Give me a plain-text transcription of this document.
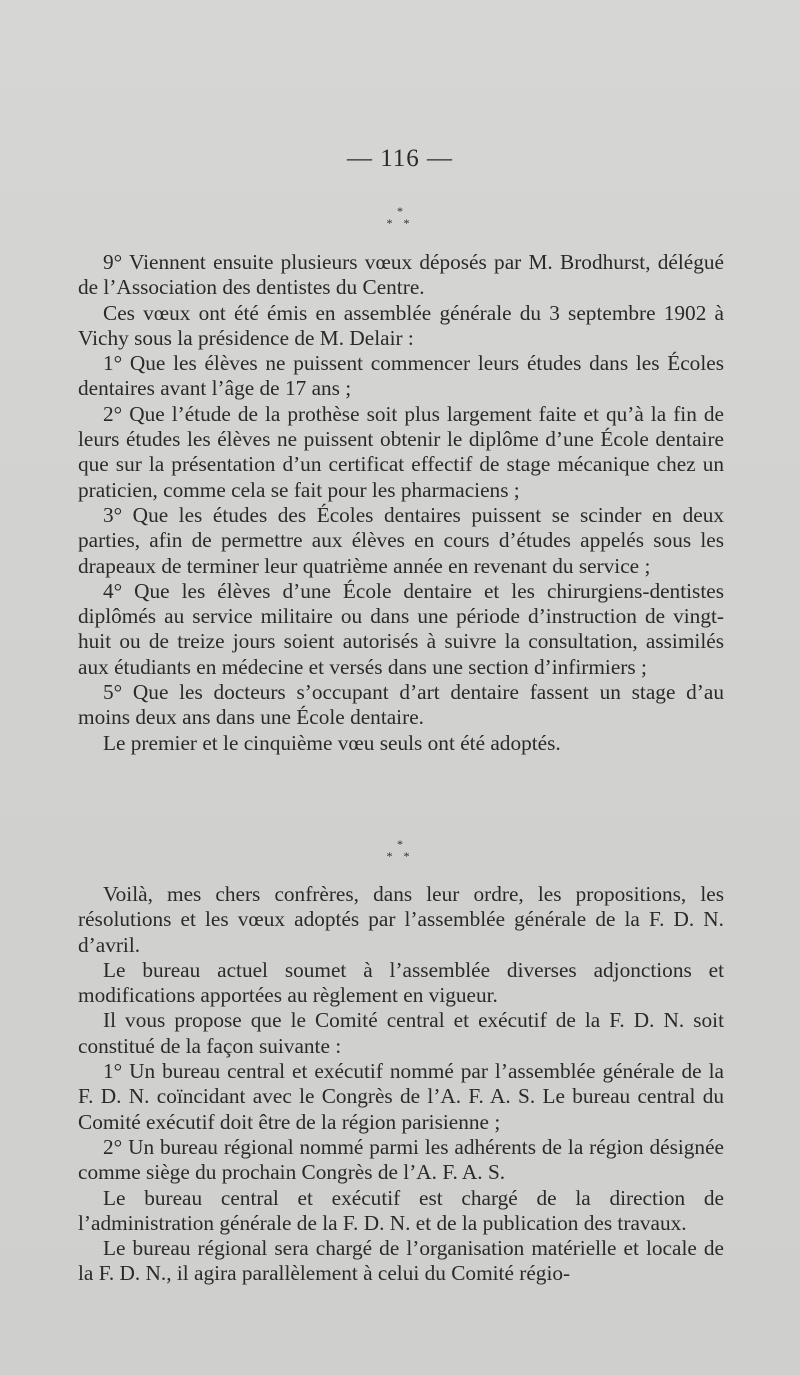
— 116 —
*
* *

9° Viennent ensuite plusieurs vœux déposés par M. Brodhurst, délégué de l’Association des dentistes du Centre.

Ces vœux ont été émis en assemblée générale du 3 septembre 1902 à Vichy sous la présidence de M. Delair :

1° Que les élèves ne puissent commencer leurs études dans les Écoles dentaires avant l’âge de 17 ans ;

2° Que l’étude de la prothèse soit plus largement faite et qu’à la fin de leurs études les élèves ne puissent obtenir le diplôme d’une École dentaire que sur la présentation d’un certificat effectif de stage mécanique chez un praticien, comme cela se fait pour les pharmaciens ;

3° Que les études des Écoles dentaires puissent se scinder en deux parties, afin de permettre aux élèves en cours d’études appelés sous les drapeaux de terminer leur quatrième année en revenant du service ;

4° Que les élèves d’une École dentaire et les chirurgiens-dentistes diplômés au service militaire ou dans une période d’instruction de vingt-huit ou de treize jours soient autorisés à suivre la consultation, assimilés aux étudiants en médecine et versés dans une section d’infirmiers ;

5° Que les docteurs s’occupant d’art dentaire fassent un stage d’au moins deux ans dans une École dentaire.

Le premier et le cinquième vœu seuls ont été adoptés.

*
* *

Voilà, mes chers confrères, dans leur ordre, les propositions, les résolutions et les vœux adoptés par l’assemblée générale de la F. D. N. d’avril.

Le bureau actuel soumet à l’assemblée diverses adjonctions et modifications apportées au règlement en vigueur.

Il vous propose que le Comité central et exécutif de la F. D. N. soit constitué de la façon suivante :

1° Un bureau central et exécutif nommé par l’assemblée générale de la F. D. N. coïncidant avec le Congrès de l’A. F. A. S. Le bureau central du Comité exécutif doit être de la région parisienne ;

2° Un bureau régional nommé parmi les adhérents de la région désignée comme siège du prochain Congrès de l’A. F. A. S.

Le bureau central et exécutif est chargé de la direction de l’administration générale de la F. D. N. et de la publication des travaux.

Le bureau régional sera chargé de l’organisation matérielle et locale de la F. D. N., il agira parallèlement à celui du Comité régio-
